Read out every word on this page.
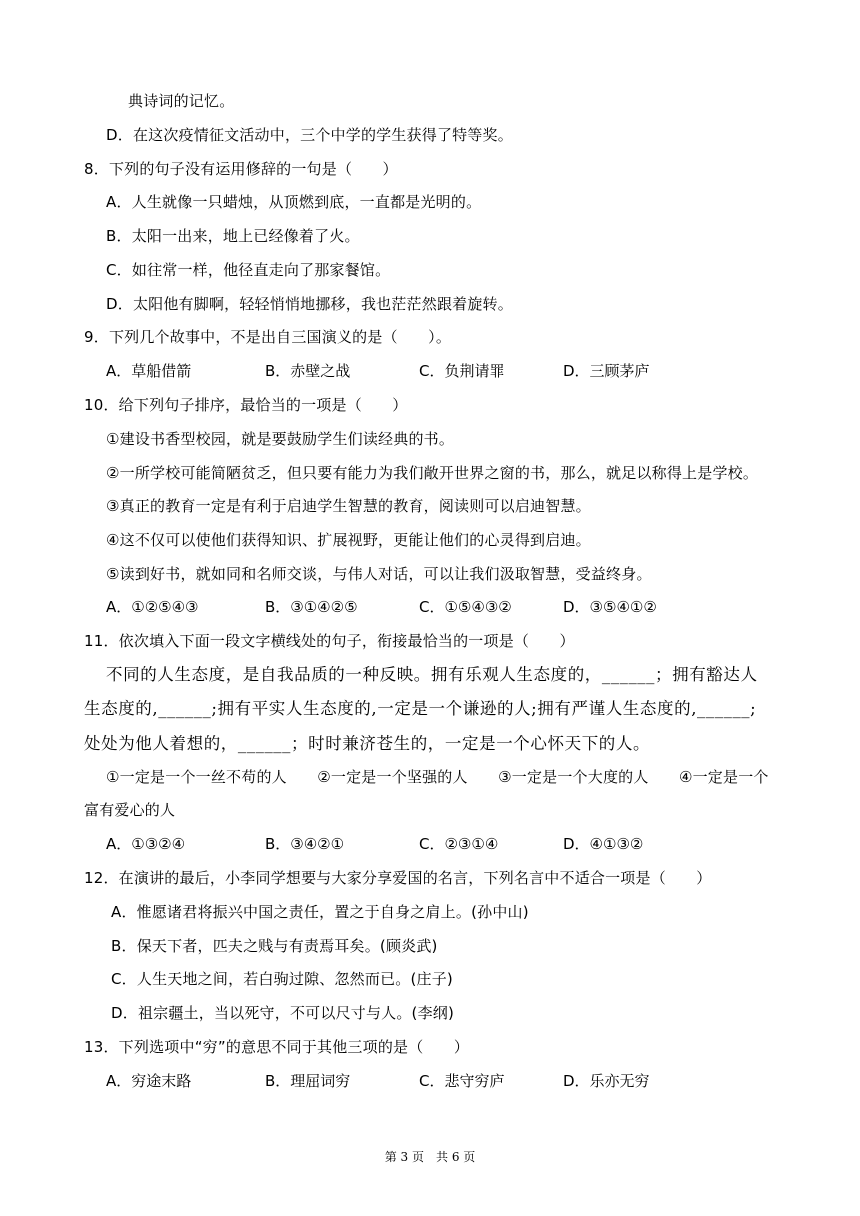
典诗词的记忆。
D．在这次疫情征文活动中，三个中学的学生获得了特等奖。
8．下列的句子没有运用修辞的一句是（　　）
A．人生就像一只蜡烛，从顶燃到底，一直都是光明的。
B．太阳一出来，地上已经像着了火。
C．如往常一样，他径直走向了那家餐馆。
D．太阳他有脚啊，轻轻悄悄地挪移，我也茫茫然跟着旋转。
9．下列几个故事中，不是出自三国演义的是（　　）。
A．草船借箭	B．赤壁之战	C．负荆请罪	D．三顾茅庐
10．给下列句子排序，最恰当的一项是（　　）
①建设书香型校园，就是要鼓励学生们读经典的书。
②一所学校可能简陋贫乏，但只要有能力为我们敞开世界之窗的书，那么，就足以称得上是学校。
③真正的教育一定是有利于启迪学生智慧的教育，阅读则可以启迪智慧。
④这不仅可以使他们获得知识、扩展视野，更能让他们的心灵得到启迪。
⑤读到好书，就如同和名师交谈，与伟人对话，可以让我们汲取智慧，受益终身。
A．①②⑤④③	B．③①④②⑤	C．①⑤④③②	D．③⑤④①②
11．依次填入下面一段文字横线处的句子，衔接最恰当的一项是（　　）
不同的人生态度，是自我品质的一种反映。拥有乐观人生态度的，______；拥有豁达人
生态度的,______;拥有平实人生态度的,一定是一个谦逊的人;拥有严谨人生态度的,______;
处处为他人着想的，______；时时兼济苍生的，一定是一个心怀天下的人。
①一定是一个一丝不苟的人　　②一定是一个坚强的人　　③一定是一个大度的人　　④一定是一个
富有爱心的人
A．①③②④	B．③④②①	C．②③①④	D．④①③②
12．在演讲的最后，小李同学想要与大家分享爱国的名言，下列名言中不适合一项是（　　）
A．惟愿诸君将振兴中国之责任，置之于自身之肩上。(孙中山)
B．保天下者，匹夫之贱与有责焉耳矣。(顾炎武)
C．人生天地之间，若白驹过隙、忽然而已。(庄子)
D．祖宗疆土，当以死守，不可以尺寸与人。(李纲)
13．下列选项中“穷”的意思不同于其他三项的是（　　）
A．穷途末路	B．理屈词穷	C．悲守穷庐	D．乐亦无穷
第 3 页　共 6 页
